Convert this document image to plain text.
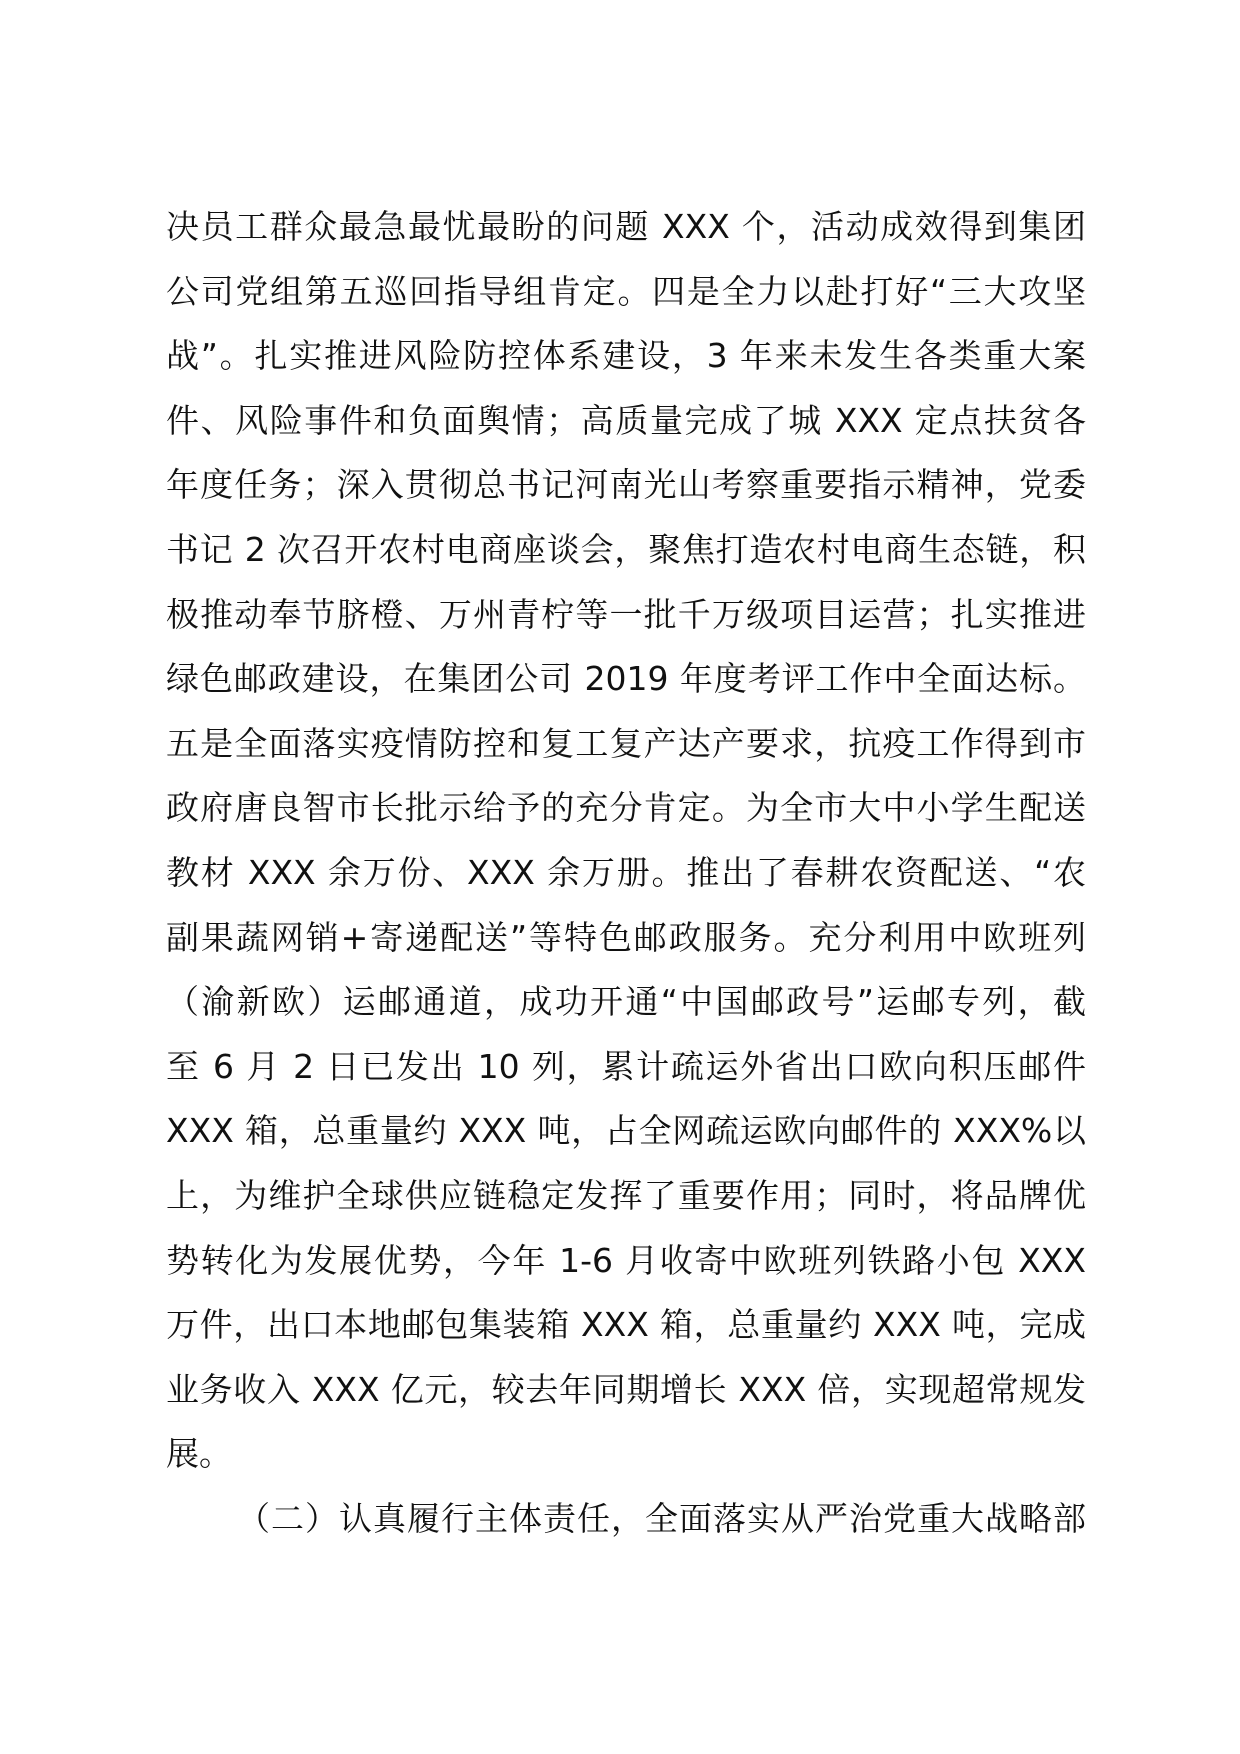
决员工群众最急最忧最盼的问题 XXX 个，活动成效得到集团
公司党组第五巡回指导组肯定。四是全力以赴打好“三大攻坚
战”。扎实推进风险防控体系建设，3 年来未发生各类重大案
件、风险事件和负面舆情；高质量完成了城 XXX 定点扶贫各
年度任务；深入贯彻总书记河南光山考察重要指示精神，党委
书记 2 次召开农村电商座谈会，聚焦打造农村电商生态链，积
极推动奉节脐橙、万州青柠等一批千万级项目运营；扎实推进
绿色邮政建设，在集团公司 2019 年度考评工作中全面达标。
五是全面落实疫情防控和复工复产达产要求，抗疫工作得到市
政府唐良智市长批示给予的充分肯定。为全市大中小学生配送
教材 XXX 余万份、XXX 余万册。推出了春耕农资配送、“农
副果蔬网销+寄递配送”等特色邮政服务。充分利用中欧班列
（渝新欧）运邮通道，成功开通“中国邮政号”运邮专列，截
至 6 月 2 日已发出 10 列，累计疏运外省出口欧向积压邮件
XXX 箱，总重量约 XXX 吨，占全网疏运欧向邮件的 XXX%以
上，为维护全球供应链稳定发挥了重要作用；同时，将品牌优
势转化为发展优势，今年 1-6 月收寄中欧班列铁路小包 XXX
万件，出口本地邮包集装箱 XXX 箱，总重量约 XXX 吨，完成
业务收入 XXX 亿元，较去年同期增长 XXX 倍，实现超常规发
展。
（二）认真履行主体责任，全面落实从严治党重大战略部
